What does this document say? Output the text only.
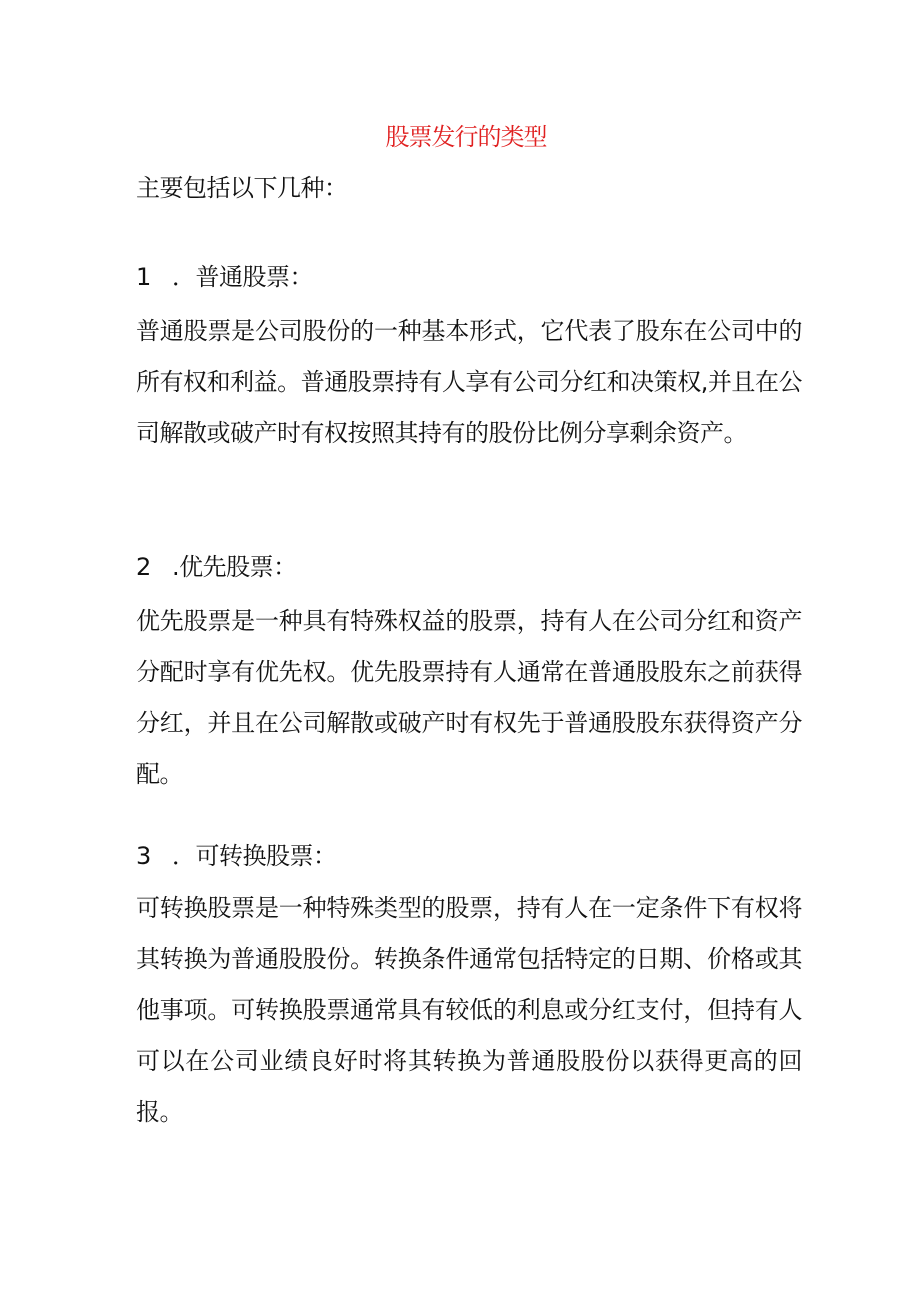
股票发行的类型

主要包括以下几种：

1 ．普通股票：

普通股票是公司股份的一种基本形式，它代表了股东在公司中的所有权和利益。普通股票持有人享有公司分红和决策权,并且在公司解散或破产时有权按照其持有的股份比例分享剩余资产。

2 .优先股票：

优先股票是一种具有特殊权益的股票，持有人在公司分红和资产分配时享有优先权。优先股票持有人通常在普通股股东之前获得分红，并且在公司解散或破产时有权先于普通股股东获得资产分配。

3 ．可转换股票：

可转换股票是一种特殊类型的股票，持有人在一定条件下有权将其转换为普通股股份。转换条件通常包括特定的日期、价格或其他事项。可转换股票通常具有较低的利息或分红支付，但持有人可以在公司业绩良好时将其转换为普通股股份以获得更高的回报。
